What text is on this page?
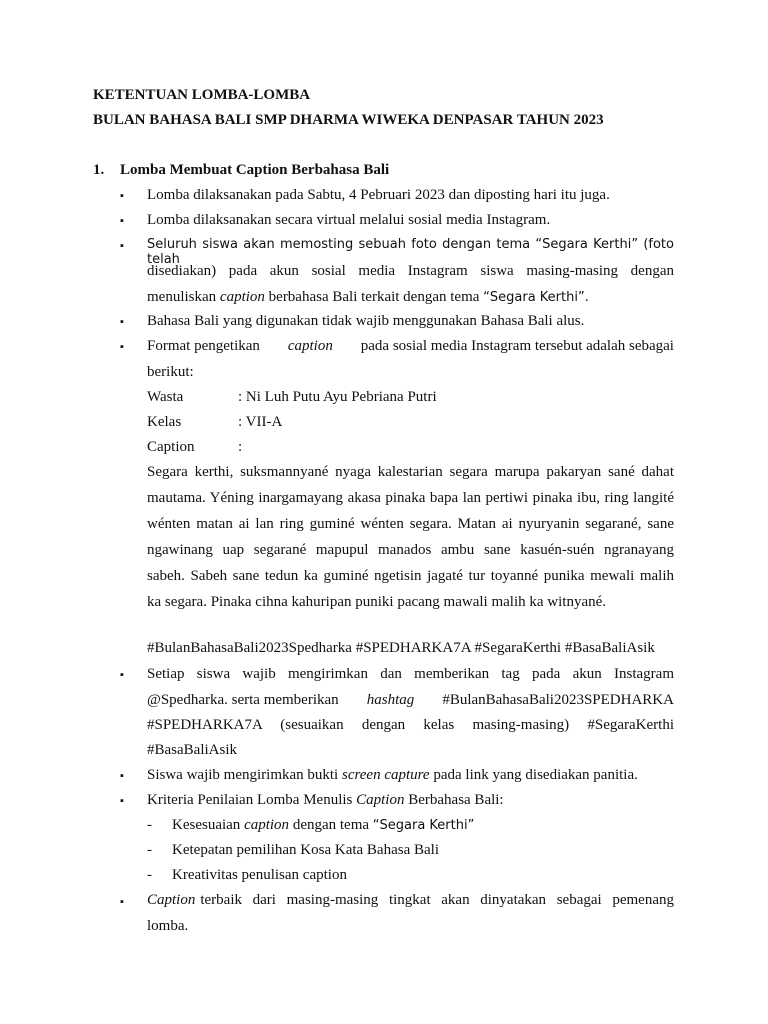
KETENTUAN LOMBA-LOMBA
BULAN BAHASA BALI SMP DHARMA WIWEKA DENPASAR TAHUN 2023
1. Lomba Membuat Caption Berbahasa Bali
▪ Lomba dilaksanakan pada Sabtu, 4 Pebruari 2023 dan diposting hari itu juga.
▪ Lomba dilaksanakan secara virtual melalui sosial media Instagram.
▪ Seluruh siswa akan memosting sebuah foto dengan tema “Segara Kerthi” (foto telah
disediakan) pada akun sosial media Instagram siswa masing-masing dengan
menuliskan caption berbahasa Bali terkait dengan tema “Segara Kerthi”.
▪ Bahasa Bali yang digunakan tidak wajib menggunakan Bahasa Bali alus.
▪ Format pengetikan caption pada sosial media Instagram tersebut adalah sebagai
berikut:
Wasta	: Ni Luh Putu Ayu Pebriana Putri
Kelas	: VII-A
Caption	:
Segara kerthi, suksmannyané nyaga kalestarian segara marupa pakaryan sané dahat
mautama. Yéning inargamayang akasa pinaka bapa lan pertiwi pinaka ibu, ring langité
wénten matan ai lan ring guminé wénten segara. Matan ai nyuryanin segarané, sane
ngawinang uap segarané mapupul manados ambu sane kasuén-suén ngranayang
sabeh. Sabeh sane tedun ka guminé ngetisin jagaté tur toyanné punika mewali malih
ka segara. Pinaka cihna kahuripan puniki pacang mawali malih ka witnyané.
#BulanBahasaBali2023Spedharka #SPEDHARKA7A #SegaraKerthi #BasaBaliAsik
▪ Setiap siswa wajib mengirimkan dan memberikan tag pada akun Instagram
@Spedharka. serta memberikan hashtag #BulanBahasaBali2023SPEDHARKA
#SPEDHARKA7A (sesuaikan dengan kelas masing-masing) #SegaraKerthi
#BasaBaliAsik
▪ Siswa wajib mengirimkan bukti screen capture pada link yang disediakan panitia.
▪ Kriteria Penilaian Lomba Menulis Caption Berbahasa Bali:
- Kesesuaian caption dengan tema “Segara Kerthi”
- Ketepatan pemilihan Kosa Kata Bahasa Bali
- Kreativitas penulisan caption
▪ Caption terbaik dari masing-masing tingkat akan dinyatakan sebagai pemenang
lomba.
